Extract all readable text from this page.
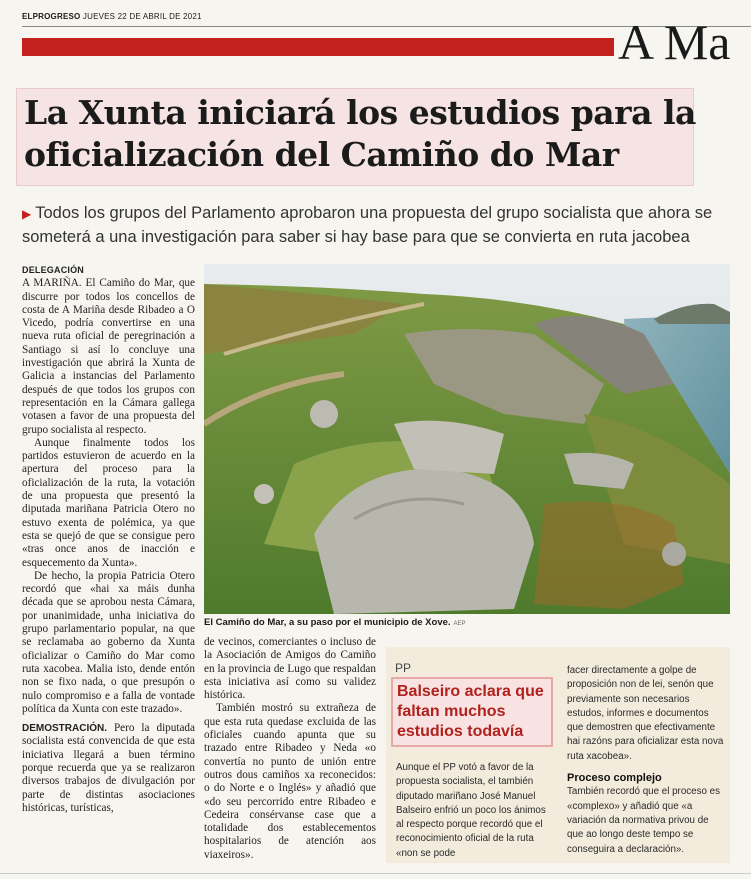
ELPROGRESO JUEVES 22 DE ABRIL DE 2021	A Ma
La Xunta iniciará los estudios para la oficialización del Camiño do Mar
▶ Todos los grupos del Parlamento aprobaron una propuesta del grupo socialista que ahora se someterá a una investigación para saber si hay base para que se convierta en ruta jacobea
DELEGACIÓN

A MARIÑA. El Camiño do Mar, que discurre por todos los concellos de costa de A Mariña desde Ribadeo a O Vicedo, podría convertirse en una nueva ruta oficial de peregrinación a Santiago si así lo concluye una investigación que abrirá la Xunta de Galicia a instancias del Parlamento después de que todos los grupos con representación en la Cámara gallega votasen a favor de una propuesta del grupo socialista al respecto.

Aunque finalmente todos los partidos estuvieron de acuerdo en la apertura del proceso para la oficialización de la ruta, la votación de una propuesta que presentó la diputada mariñana Patricia Otero no estuvo exenta de polémica, ya que esta se quejó de que se consigue pero «tras once anos de inacción e esquecemento da Xunta».

De hecho, la propia Patricia Otero recordó que «hai xa máis dunha década que se aprobou nesta Cámara, por unanimidade, unha iniciativa do grupo parlamentario popular, na que se reclamaba ao goberno da Xunta oficializar o Camiño do Mar como ruta xacobea. Malia isto, dende entón non se fixo nada, o que presupón o nulo compromiso e a falla de vontade política da Xunta con este trazado».

DEMOSTRACIÓN. Pero la diputada socialista está convencida de que esta iniciativa llegará a buen término porque recuerda que ya se realizaron diversos trabajos de divulgación por parte de distintas asociaciones históricas, turísticas,

El Camiño do Mar, a su paso por el municipio de Xove. AEP

de vecinos, comerciantes o incluso de la Asociación de Amigos do Camiño en la provincia de Lugo que respaldan esta iniciativa así como su validez histórica.

También mostró su extrañeza de que esta ruta quedase excluida de las oficiales cuando apunta que su trazado entre Ribadeo y Neda «o convertía no punto de unión entre outros dous camiños xa reconecidos: o do Norte e o Inglés» y añadió que «do seu percorrido entre Ribadeo e Cedeira consérvanse case que a totalidade dos establecementos hospitalarios de atención aos viaxeiros».

PP
Balseiro aclara que faltan muchos estudios todavía

Aunque el PP votó a favor de la propuesta socialista, el también diputado mariñano José Manuel Balseiro enfrió un poco los ánimos al respecto porque recordó que el reconocimiento oficial de la ruta «non se pode

facer directamente a golpe de proposición non de lei, senón que previamente son necesarios estudos, informes e documentos que demostren que efectivamente hai razóns para oficializar esta nova ruta xacobea».

Proceso complejo

También recordó que el proceso es «complexo» y añadió que «a variación da normativa privou de que ao longo deste tempo se conseguira a declaración».
